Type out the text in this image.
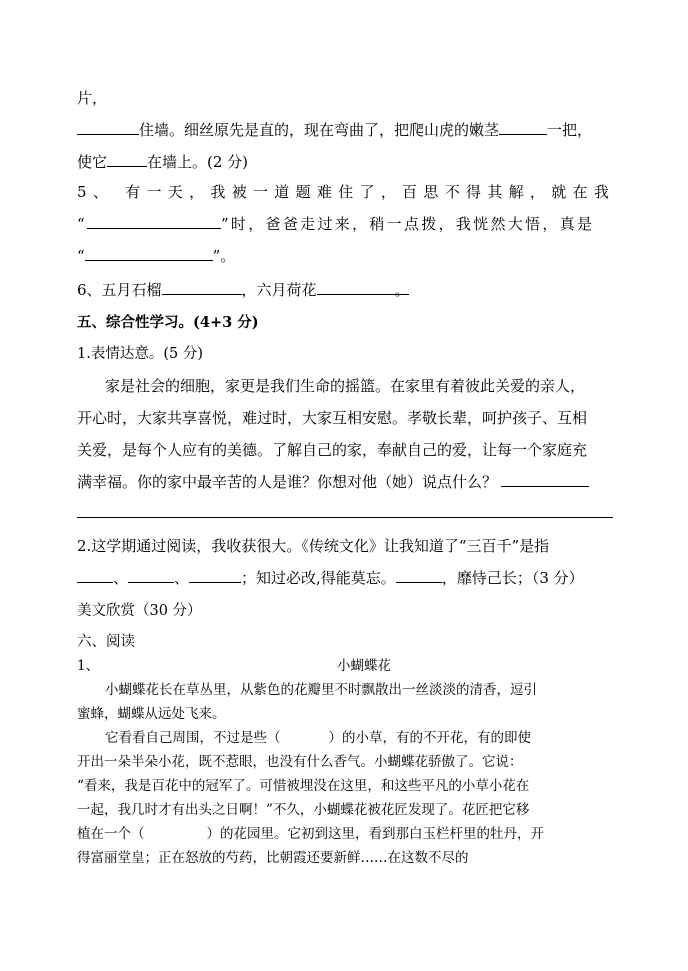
片，
住墙。细丝原先是直的，现在弯曲了，把爬山虎的嫩茎	一把，
使它	在墙上。(2 分)
5、 有一天，我被一道题难住了，百思不得其解，就在我
“	”时，爸爸走过来，稍一点拨，我恍然大悟，真是
“	”。
6、五月石榴	，六月荷花	。
五、综合性学习。(4+3 分)
1.表情达意。(5 分)
家是社会的细胞，家更是我们生命的摇篮。在家里有着彼此关爱的亲人，
开心时，大家共享喜悦，难过时，大家互相安慰。孝敬长辈，呵护孩子、互相
关爱，是每个人应有的美德。了解自己的家，奉献自己的爱，让每一个家庭充
满幸福。你的家中最辛苦的人是谁？你想对他（她）说点什么？
2.这学期通过阅读，我收获很大。《传统文化》让我知道了“三百千”是指
、	、	；知过必改,得能莫忘。	，靡恃己长；（3 分）
美文欣赏（30 分）
六、阅读
1、	小蝴蝶花
小蝴蝶花长在草丛里，从紫色的花瓣里不时飘散出一丝淡淡的清香，逗引
蜜蜂，蝴蝶从远处飞来。
它看看自己周围，不过是些（	）的小草，有的不开花，有的即使
开出一朵半朵小花，既不惹眼，也没有什么香气。小蝴蝶花骄傲了。它说：
“看来，我是百花中的冠军了。可惜被埋没在这里，和这些平凡的小草小花在
一起，我几时才有出头之日啊！”不久，小蝴蝶花被花匠发现了。花匠把它移
植在一个（	）的花园里。它初到这里，看到那白玉栏杆里的牡丹，开
得富丽堂皇；正在怒放的芍药，比朝霞还要新鲜……在这数不尽的
